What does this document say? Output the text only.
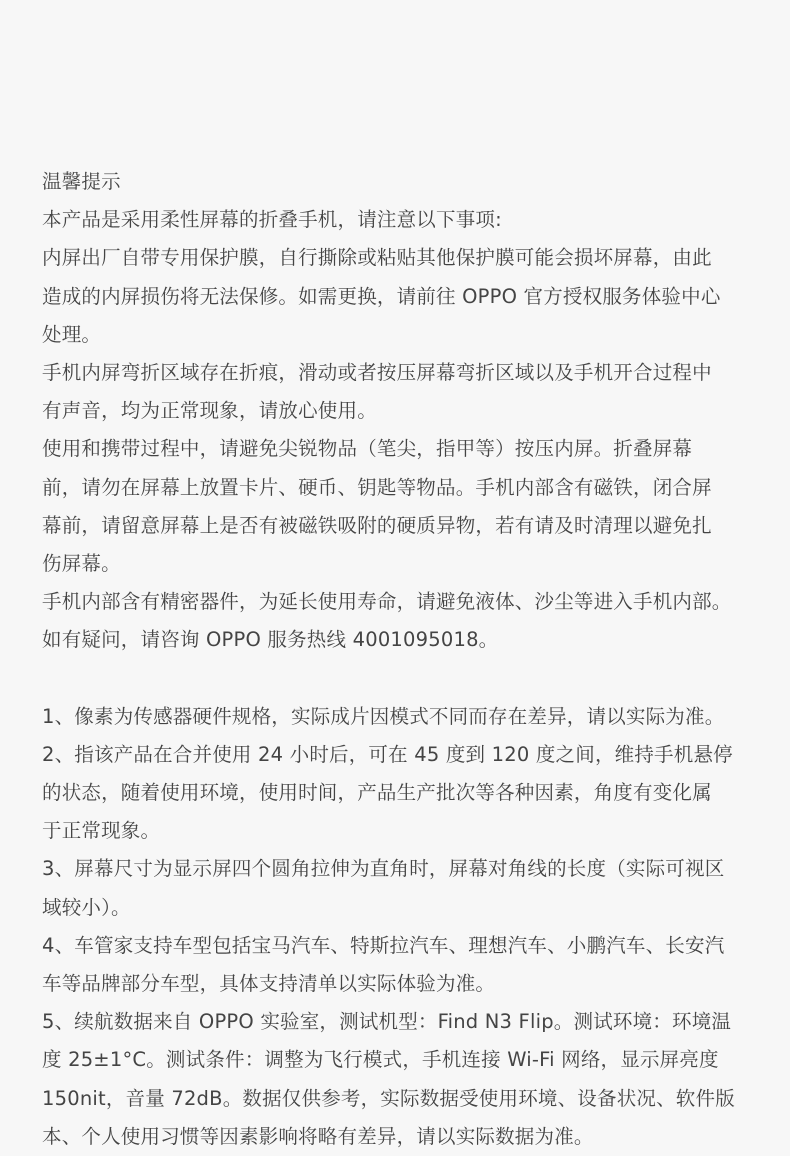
温馨提示
本产品是采用柔性屏幕的折叠手机，请注意以下事项:
内屏出厂自带专用保护膜，自行撕除或粘贴其他保护膜可能会损坏屏幕，由此
造成的内屏损伤将无法保修。如需更换，请前往 OPPO 官方授权服务体验中心
处理。
手机内屏弯折区域存在折痕，滑动或者按压屏幕弯折区域以及手机开合过程中
有声音，均为正常现象，请放心使用。
使用和携带过程中，请避免尖锐物品（笔尖，指甲等）按压内屏。折叠屏幕
前，请勿在屏幕上放置卡片、硬币、钥匙等物品。手机内部含有磁铁，闭合屏
幕前，请留意屏幕上是否有被磁铁吸附的硬质异物，若有请及时清理以避免扎
伤屏幕。
手机内部含有精密器件，为延长使用寿命，请避免液体、沙尘等进入手机内部。
如有疑问，请咨询 OPPO 服务热线 4001095018。
1、像素为传感器硬件规格，实际成片因模式不同而存在差异，请以实际为准。
2、指该产品在合并使用 24 小时后，可在 45 度到 120 度之间，维持手机悬停
的状态，随着使用环境，使用时间，产品生产批次等各种因素，角度有变化属
于正常现象。
3、屏幕尺寸为显示屏四个圆角拉伸为直角时，屏幕对角线的长度（实际可视区
域较小）。
4、车管家支持车型包括宝马汽车、特斯拉汽车、理想汽车、小鹏汽车、长安汽
车等品牌部分车型，具体支持清单以实际体验为准。
5、续航数据来自 OPPO 实验室，测试机型：Find N3 Flip。测试环境：环境温
度 25±1°C。测试条件：调整为飞行模式，手机连接 Wi-Fi 网络，显示屏亮度
150nit，音量 72dB。数据仅供参考，实际数据受使用环境、设备状况、软件版
本、个人使用习惯等因素影响将略有差异，请以实际数据为准。
